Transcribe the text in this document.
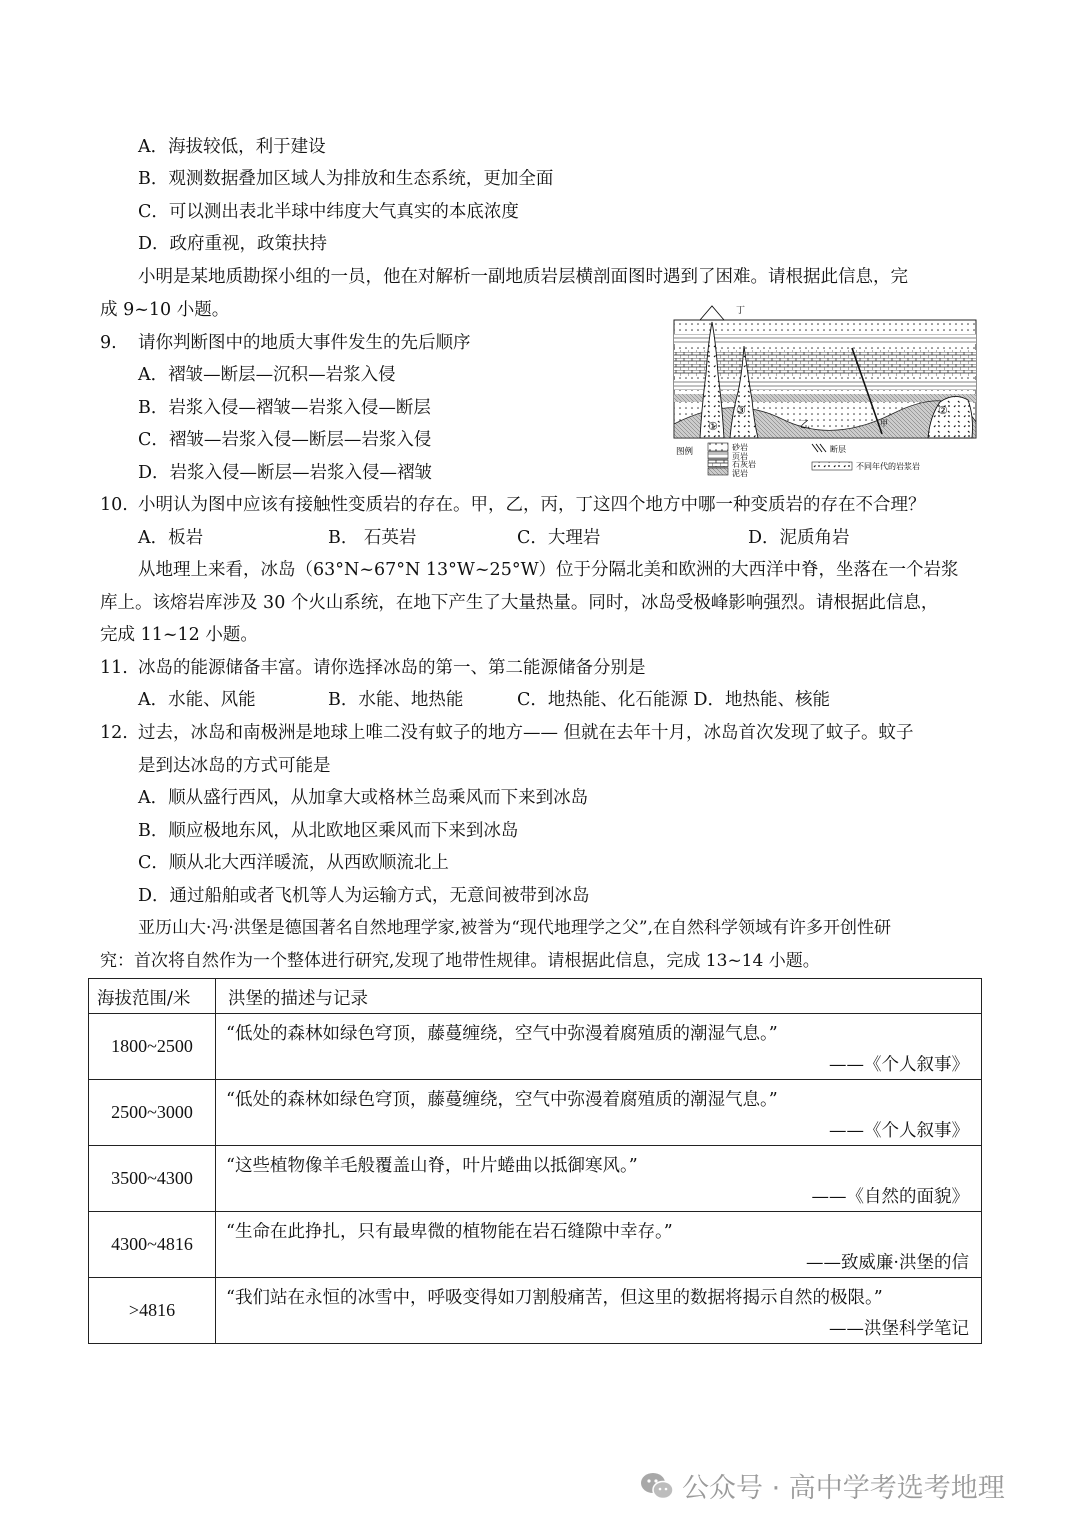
A．海拔较低，利于建设
B．观测数据叠加区域人为排放和生态系统，更加全面
C．可以测出表北半球中纬度大气真实的本底浓度
D．政府重视，政策扶持
小明是某地质勘探小组的一员，他在对解析一副地质岩层横剖面图时遇到了困难。请根据此信息，完
成 9~10 小题。
9. 请你判断图中的地质大事件发生的先后顺序
A．褶皱—断层—沉积—岩浆入侵
B．岩浆入侵—褶皱—岩浆入侵—断层
C．褶皱—岩浆入侵—断层—岩浆入侵
D．岩浆入侵—断层—岩浆入侵—褶皱
丁
乙	甲
①
③	②
图例	砂岩
页岩
石灰岩
泥岩
断层
不同年代的岩浆岩
10. 小明认为图中应该有接触性变质岩的存在。甲，乙，丙，丁这四个地方中哪一种变质岩的存在不合理？
A．板岩	B． 石英岩	C．大理岩	D．泥质角岩
从地理上来看，冰岛（63°N~67°N 13°W~25°W）位于分隔北美和欧洲的大西洋中脊，坐落在一个岩浆
库上。该熔岩库涉及 30 个火山系统，在地下产生了大量热量。同时，冰岛受极峰影响强烈。请根据此信息，
完成 11~12 小题。
11. 冰岛的能源储备丰富。请你选择冰岛的第一、第二能源储备分别是
A．水能、风能	B．水能、地热能	C．地热能、化石能源 D．地热能、核能
12. 过去，冰岛和南极洲是地球上唯二没有蚊子的地方—— 但就在去年十月，冰岛首次发现了蚊子。蚊子
是到达冰岛的方式可能是
A．顺从盛行西风，从加拿大或格林兰岛乘风而下来到冰岛
B．顺应极地东风，从北欧地区乘风而下来到冰岛
C．顺从北大西洋暖流，从西欧顺流北上
D．通过船舶或者飞机等人为运输方式，无意间被带到冰岛
亚历山大·冯·洪堡是德国著名自然地理学家,被誉为“现代地理学之父”,在自然科学领域有许多开创性研
究：首次将自然作为一个整体进行研究,发现了地带性规律。请根据此信息，完成 13~14 小题。
海拔范围/米	洪堡的描述与记录

1800~2500	“低处的森林如绿色穹顶，藤蔓缠绕，空气中弥漫着腐殖质的潮湿气息。”
——《个人叙事》

2500~3000	“低处的森林如绿色穹顶，藤蔓缠绕，空气中弥漫着腐殖质的潮湿气息。”
——《个人叙事》

3500~4300	“这些植物像羊毛般覆盖山脊，叶片蜷曲以抵御寒风。”
——《自然的面貌》

4300~4816	“生命在此挣扎，只有最卑微的植物能在岩石缝隙中幸存。”
——致威廉·洪堡的信

>4816	“我们站在永恒的冰雪中，呼吸变得如刀割般痛苦，但这里的数据将揭示自然的极限。”
——洪堡科学笔记
公众号 · 高中学考选考地理
